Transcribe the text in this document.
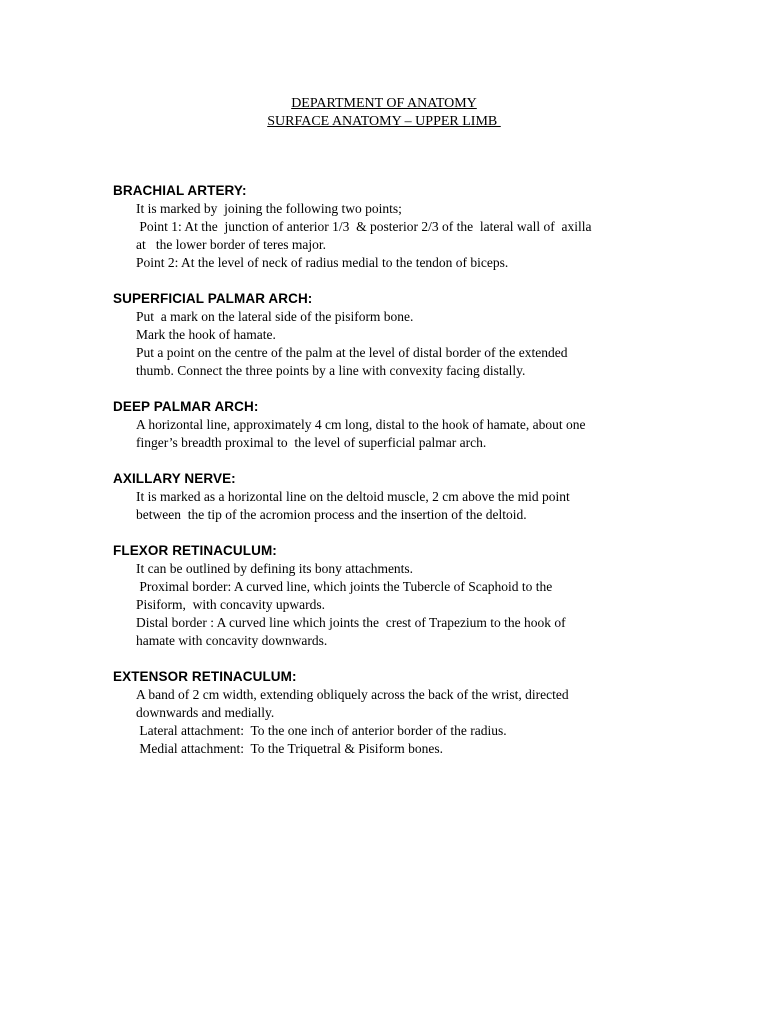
DEPARTMENT OF ANATOMY
SURFACE ANATOMY – UPPER LIMB
BRACHIAL ARTERY:
It is marked by  joining the following two points;
Point 1: At the  junction of anterior 1/3  & posterior 2/3 of the  lateral wall of  axilla
at   the lower border of teres major.
Point 2: At the level of neck of radius medial to the tendon of biceps.
SUPERFICIAL PALMAR ARCH:
Put  a mark on the lateral side of the pisiform bone.
Mark the hook of hamate.
Put a point on the centre of the palm at the level of distal border of the extended
thumb. Connect the three points by a line with convexity facing distally.
DEEP PALMAR ARCH:
A horizontal line, approximately 4 cm long, distal to the hook of hamate, about one
finger’s breadth proximal to  the level of superficial palmar arch.
AXILLARY NERVE:
It is marked as a horizontal line on the deltoid muscle, 2 cm above the mid point
between  the tip of the acromion process and the insertion of the deltoid.
FLEXOR RETINACULUM:
It can be outlined by defining its bony attachments.
Proximal border: A curved line, which joints the Tubercle of Scaphoid to the
Pisiform,  with concavity upwards.
Distal border : A curved line which joints the  crest of Trapezium to the hook of
hamate with concavity downwards.
EXTENSOR RETINACULUM:
A band of 2 cm width, extending obliquely across the back of the wrist, directed
downwards and medially.
Lateral attachment:  To the one inch of anterior border of the radius.
Medial attachment:  To the Triquetral & Pisiform bones.
